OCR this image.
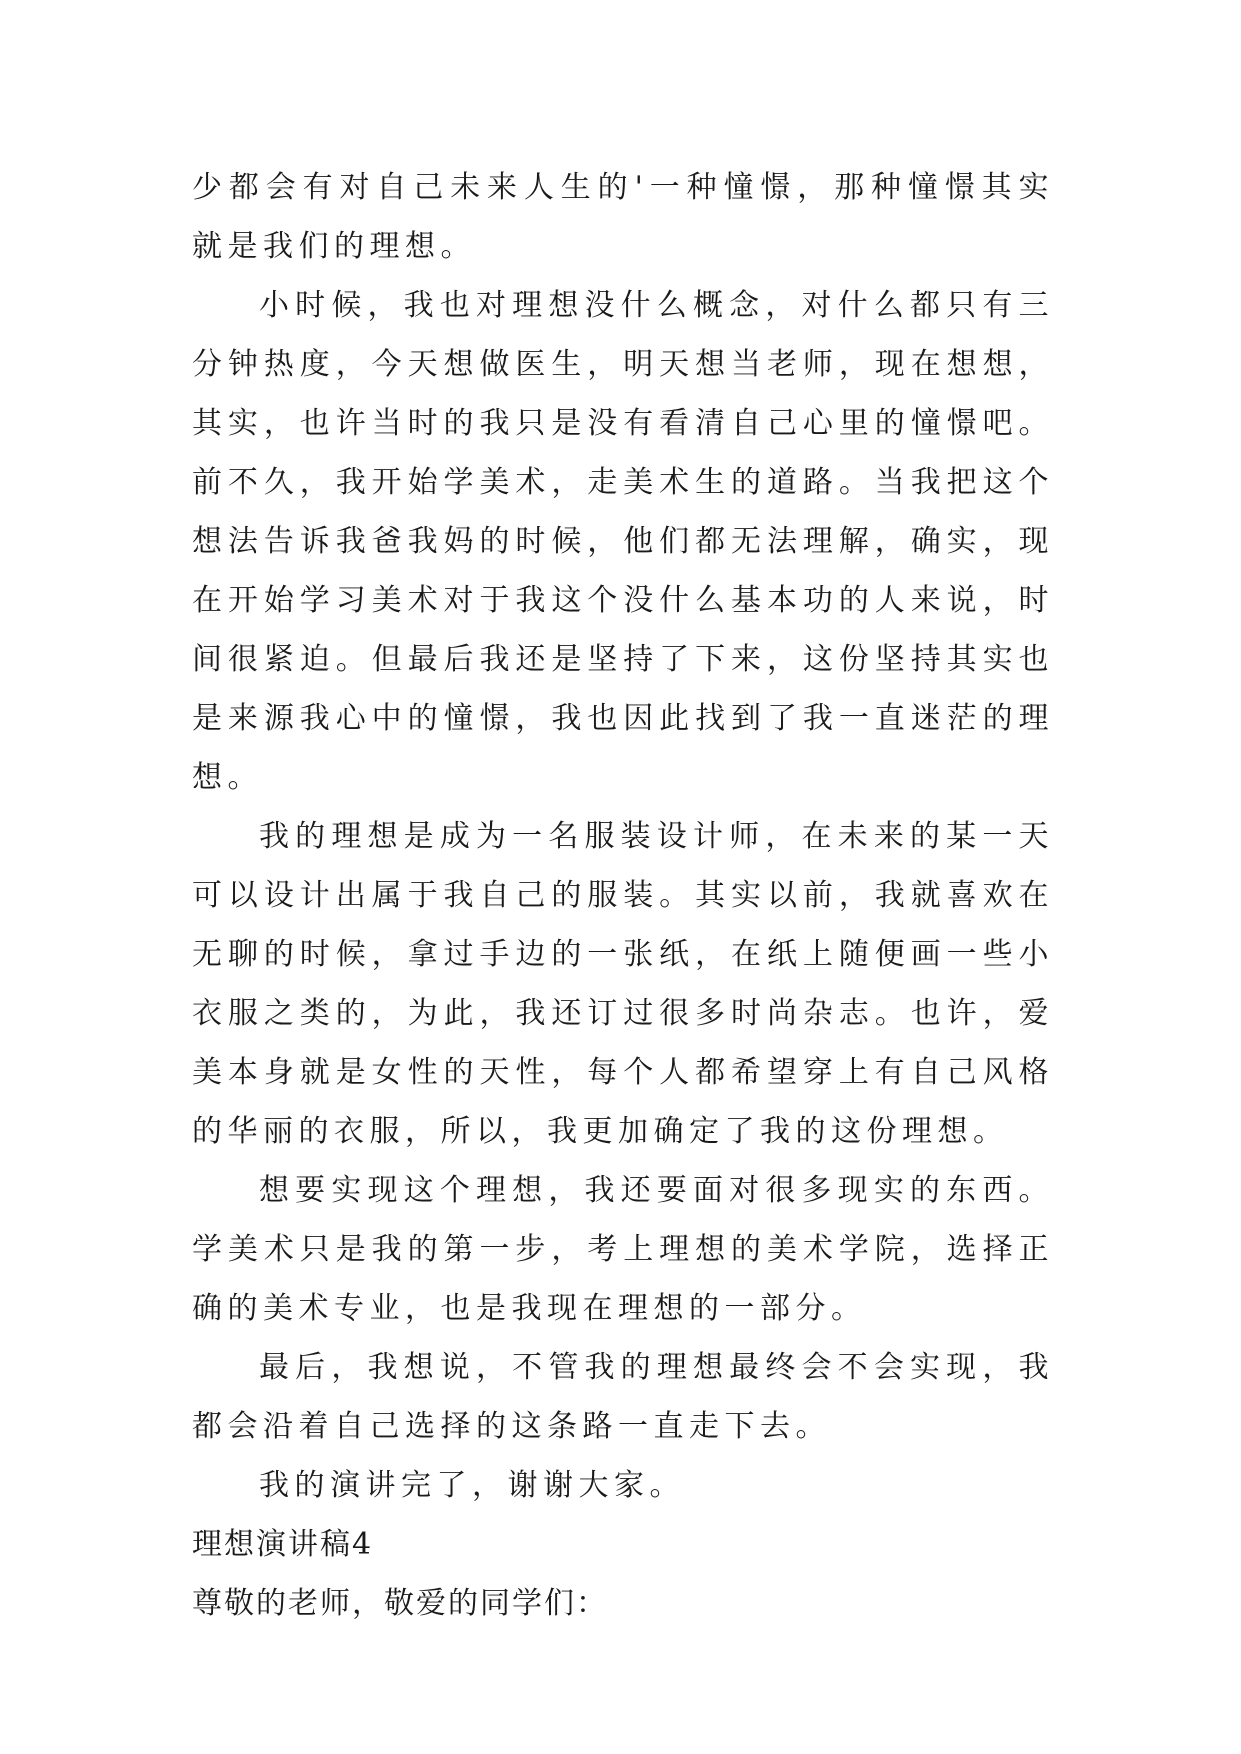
少都会有对自己未来人生的'一种憧憬，那种憧憬其实就是我们的理想。

小时候，我也对理想没什么概念，对什么都只有三分钟热度，今天想做医生，明天想当老师，现在想想，其实，也许当时的我只是没有看清自己心里的憧憬吧。前不久，我开始学美术，走美术生的道路。当我把这个想法告诉我爸我妈的时候，他们都无法理解，确实，现在开始学习美术对于我这个没什么基本功的人来说，时间很紧迫。但最后我还是坚持了下来，这份坚持其实也是来源我心中的憧憬，我也因此找到了我一直迷茫的理想。

我的理想是成为一名服装设计师，在未来的某一天可以设计出属于我自己的服装。其实以前，我就喜欢在无聊的时候，拿过手边的一张纸，在纸上随便画一些小衣服之类的，为此，我还订过很多时尚杂志。也许，爱美本身就是女性的天性，每个人都希望穿上有自己风格的华丽的衣服，所以，我更加确定了我的这份理想。

想要实现这个理想，我还要面对很多现实的东西。学美术只是我的第一步，考上理想的美术学院，选择正确的美术专业，也是我现在理想的一部分。

最后，我想说，不管我的理想最终会不会实现，我都会沿着自己选择的这条路一直走下去。

我的演讲完了，谢谢大家。

理想演讲稿4

尊敬的老师，敬爱的同学们：
